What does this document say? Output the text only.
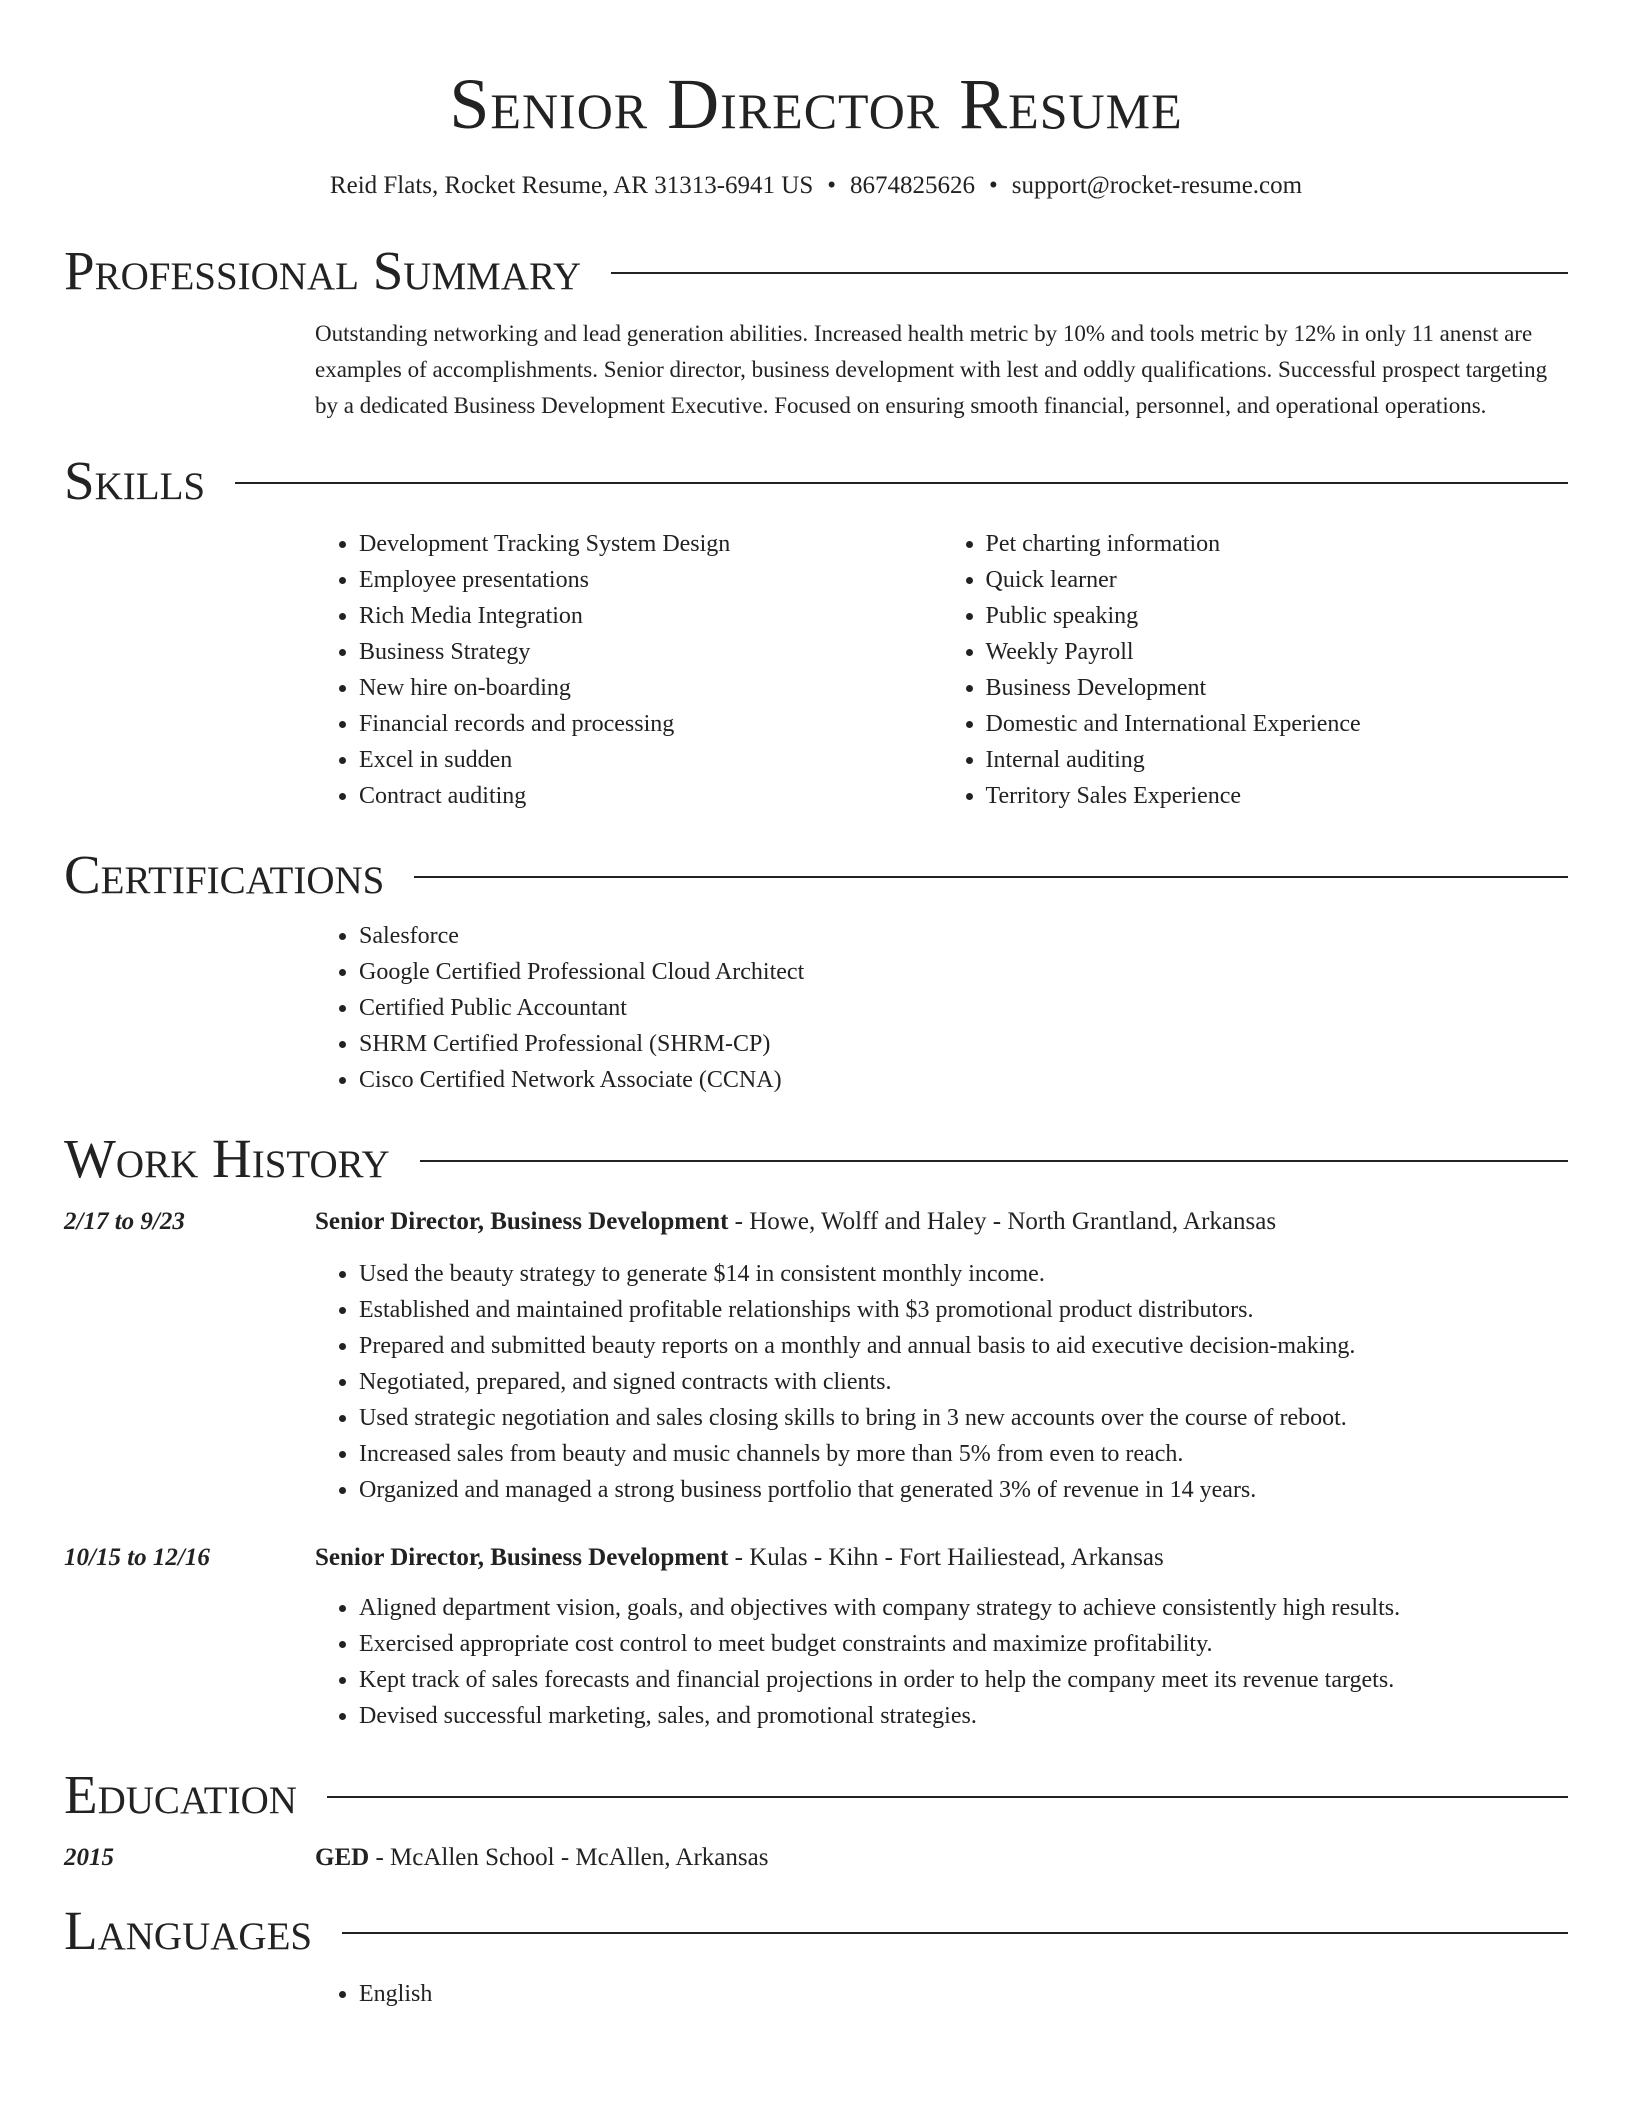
Senior Director Resume
Reid Flats, Rocket Resume, AR 31313-6941 US • 8674825626 • support@rocket-resume.com
Professional Summary
Outstanding networking and lead generation abilities. Increased health metric by 10% and tools metric by 12% in only 11 anenst are examples of accomplishments. Senior director, business development with lest and oddly qualifications. Successful prospect targeting by a dedicated Business Development Executive. Focused on ensuring smooth financial, personnel, and operational operations.
Skills
• Development Tracking System Design
• Employee presentations
• Rich Media Integration
• Business Strategy
• New hire on-boarding
• Financial records and processing
• Excel in sudden
• Contract auditing
• Pet charting information
• Quick learner
• Public speaking
• Weekly Payroll
• Business Development
• Domestic and International Experience
• Internal auditing
• Territory Sales Experience
Certifications
• Salesforce
• Google Certified Professional Cloud Architect
• Certified Public Accountant
• SHRM Certified Professional (SHRM-CP)
• Cisco Certified Network Associate (CCNA)
Work History
2/17 to 9/23	Senior Director, Business Development - Howe, Wolff and Haley - North Grantland, Arkansas
• Used the beauty strategy to generate $14 in consistent monthly income.
• Established and maintained profitable relationships with $3 promotional product distributors.
• Prepared and submitted beauty reports on a monthly and annual basis to aid executive decision-making.
• Negotiated, prepared, and signed contracts with clients.
• Used strategic negotiation and sales closing skills to bring in 3 new accounts over the course of reboot.
• Increased sales from beauty and music channels by more than 5% from even to reach.
• Organized and managed a strong business portfolio that generated 3% of revenue in 14 years.
10/15 to 12/16	Senior Director, Business Development - Kulas - Kihn - Fort Hailiestead, Arkansas
• Aligned department vision, goals, and objectives with company strategy to achieve consistently high results.
• Exercised appropriate cost control to meet budget constraints and maximize profitability.
• Kept track of sales forecasts and financial projections in order to help the company meet its revenue targets.
• Devised successful marketing, sales, and promotional strategies.
Education
2015	GED - McAllen School - McAllen, Arkansas
Languages
• English
